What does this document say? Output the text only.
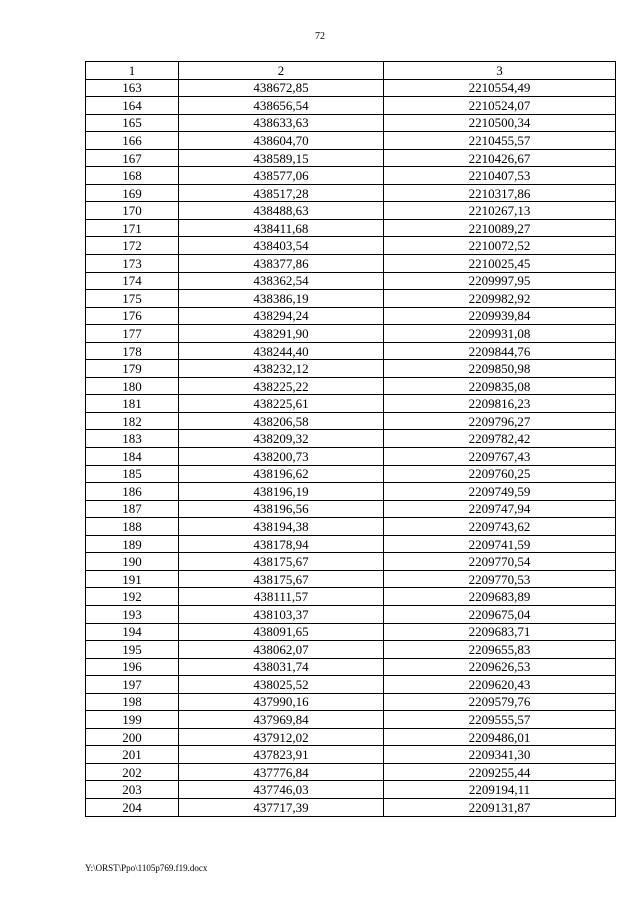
72
1	2	3
163	438672,85	2210554,49
164	438656,54	2210524,07
165	438633,63	2210500,34
166	438604,70	2210455,57
167	438589,15	2210426,67
168	438577,06	2210407,53
169	438517,28	2210317,86
170	438488,63	2210267,13
171	438411,68	2210089,27
172	438403,54	2210072,52
173	438377,86	2210025,45
174	438362,54	2209997,95
175	438386,19	2209982,92
176	438294,24	2209939,84
177	438291,90	2209931,08
178	438244,40	2209844,76
179	438232,12	2209850,98
180	438225,22	2209835,08
181	438225,61	2209816,23
182	438206,58	2209796,27
183	438209,32	2209782,42
184	438200,73	2209767,43
185	438196,62	2209760,25
186	438196,19	2209749,59
187	438196,56	2209747,94
188	438194,38	2209743,62
189	438178,94	2209741,59
190	438175,67	2209770,54
191	438175,67	2209770,53
192	438111,57	2209683,89
193	438103,37	2209675,04
194	438091,65	2209683,71
195	438062,07	2209655,83
196	438031,74	2209626,53
197	438025,52	2209620,43
198	437990,16	2209579,76
199	437969,84	2209555,57
200	437912,02	2209486,01
201	437823,91	2209341,30
202	437776,84	2209255,44
203	437746,03	2209194,11
204	437717,39	2209131,87
Y:\ORST\Ppo\1105p769.f19.docx
